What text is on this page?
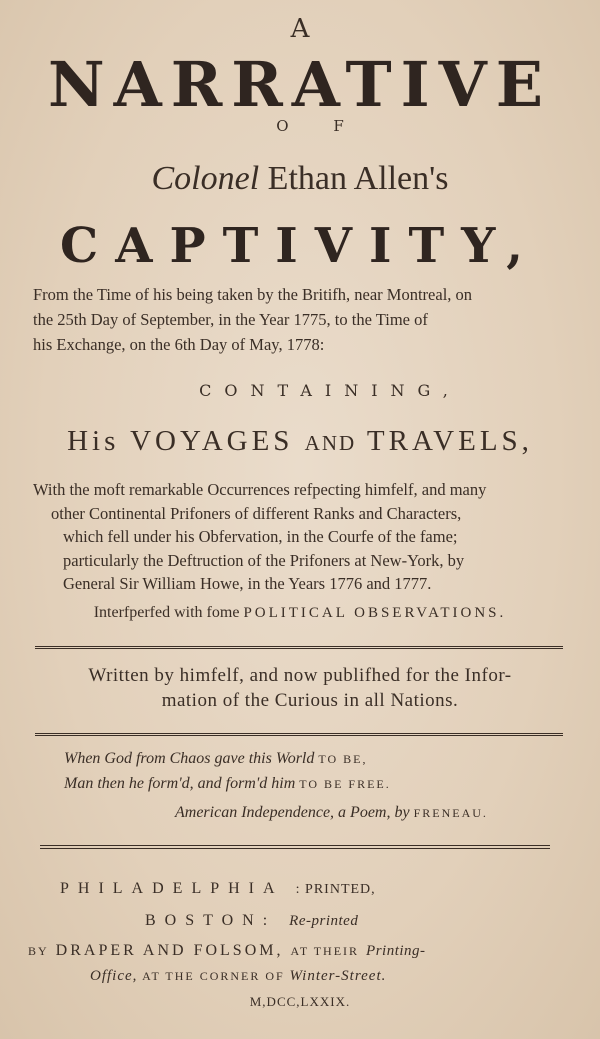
A
NARRATIVE
O F
Colonel Ethan Allen's
CAPTIVITY,
From the Time of his being taken by the Britifh, near Montreal, on
the 25th Day of September, in the Year 1775, to the Time of
his Exchange, on the 6th Day of May, 1778:
CONTAINING,
His VOYAGES AND TRAVELS,
With the moft remarkable Occurrences refpecting himfelf, and many
other Continental Prifoners of different Ranks and Characters,
which fell under his Obfervation, in the Courfe of the fame;
particularly the Deftruction of the Prifoners at New-York, by
General Sir William Howe, in the Years 1776 and 1777.
Interfperfed with fome POLITICAL OBSERVATIONS.
Written by himfelf, and now publifhed for the Infor-
mation of the Curious in all Nations.
When God from Chaos gave this World TO BE,
Man then he form'd, and form'd him TO BE FREE.
American Independence, a Poem, by FRENEAU.
PHILADELPHIA : PRINTED,
BOSTON: Re-printed
BY DRAPER AND FOLSOM, AT THEIR Printing-
Office, AT THE CORNER OF Winter-Street.
M,DCC,LXXIX.
